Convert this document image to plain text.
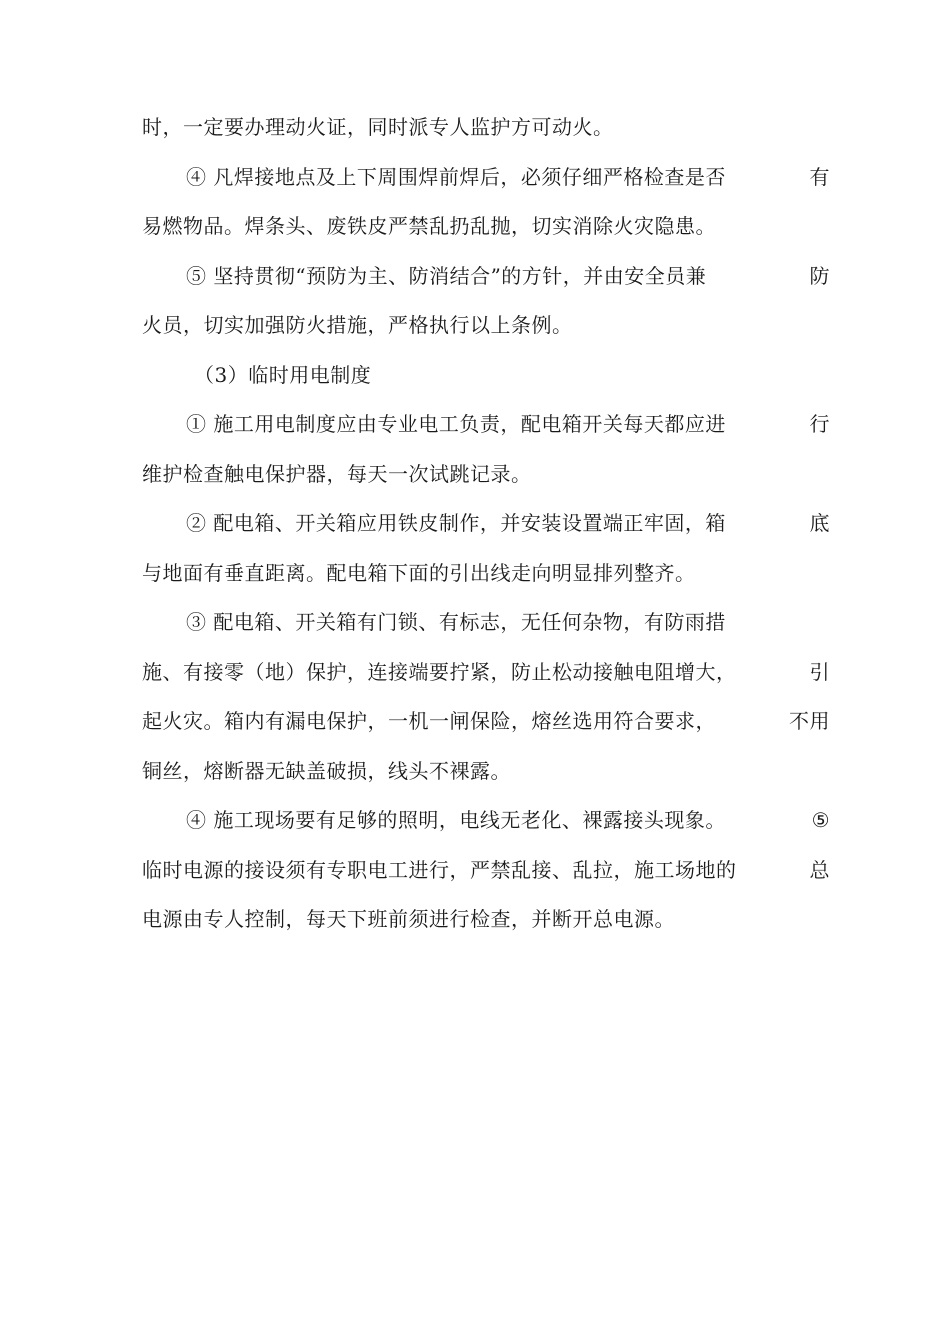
时，一定要办理动火证，同时派专人监护方可动火。
④ 凡焊接地点及上下周围焊前焊后，必须仔细严格检查是否	有
易燃物品。焊条头、废铁皮严禁乱扔乱抛，切实消除火灾隐患。
⑤ 坚持贯彻“预防为主、防消结合”的方针，并由安全员兼	防
火员，切实加强防火措施，严格执行以上条例。
（3）临时用电制度
① 施工用电制度应由专业电工负责，配电箱开关每天都应进	行
维护检查触电保护器，每天一次试跳记录。
② 配电箱、开关箱应用铁皮制作，并安装设置端正牢固，箱	底
与地面有垂直距离。配电箱下面的引出线走向明显排列整齐。
③ 配电箱、开关箱有门锁、有标志，无任何杂物，有防雨措
施、有接零（地）保护，连接端要拧紧，防止松动接触电阻增大，	引
起火灾。箱内有漏电保护，一机一闸保险，熔丝选用符合要求，	不用
铜丝，熔断器无缺盖破损，线头不裸露。
④ 施工现场要有足够的照明，电线无老化、裸露接头现象。	⑤
临时电源的接设须有专职电工进行，严禁乱接、乱拉，施工场地的	总
电源由专人控制，每天下班前须进行检查，并断开总电源。
